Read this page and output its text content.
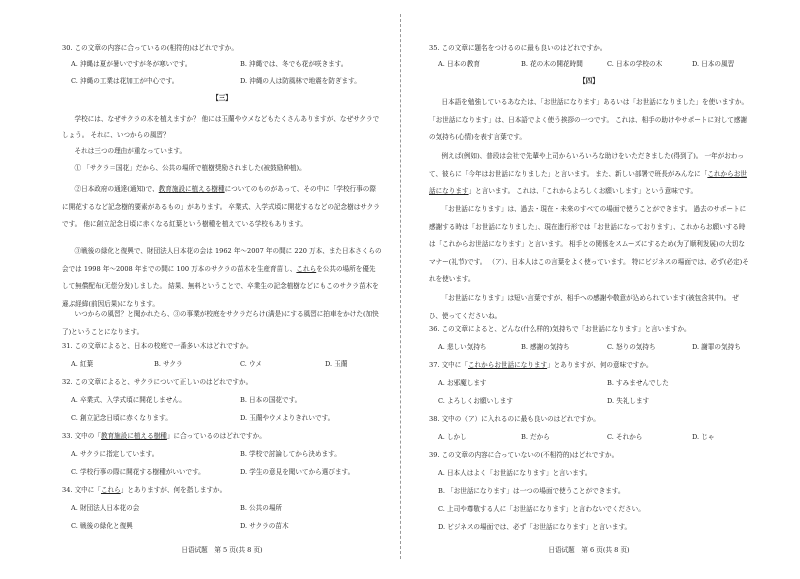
30. この文章の内容に合っているの(相符的)はどれですか。
A. 沖縄は夏が暑いですが冬が寒いです。	B. 沖縄では、冬でも花が咲きます。
C. 沖縄の工業は花加工が中心です。	D. 沖縄の人は防風林で地震を防ぎます。
【三】
学校には、なぜサクラの木を植えますか？ 他には玉蘭やウメなどもたくさんありますが、なぜサクラでしょう。 それに、いつからの風習？
それは三つの理由が重なっています。
① 「サクラ＝国花」だから、公共の場所で植樹奨励されました(被鼓励种植)。
②日本政府の通達(通知)で、教育施設に植える樹種についてのものがあって、その中に「学校行事の際に開花するなど記念樹的要素があるもの」があります。 卒業式、入学式頃に開花するなどの記念樹はサクラです。 他に創立記念日頃に赤くなる紅葉という樹種を植えている学校もあります。
③戦後の緑化と復興で、財団法人日本花の会は 1962 年～2007 年の間に 220 万本、また日本さくらの会では 1998 年～2008 年までの間に 100 万本のサクラの苗木を生産育苗し、これらを公共の場所を優先して無償配布(无偿分发)しました。 結果、無料ということで、卒業生の記念植樹などにもこのサクラ苗木を遜ぶ経緯(前因后果)になります。
いつからの風習？と聞かれたら、③の事業が校庭をサクラだらけ(满是)にする風習に拍車をかけた(加快了)ということになります。
31. この文章によると、日本の校庭で一番多い木はどれですか。
A. 紅葉	B. サクラ	C. ウメ	D. 玉蘭
32. この文章によると、サクラについて正しいのはどれですか。
A. 卒業式、入学式頃に開花しません。	B. 日本の国花です。
C. 創立記念日頃に赤くなります。	D. 玉蘭やウメよりきれいです。
33. 文中の「教育施設に植える樹種」に合っているのはどれですか。
A. サクラに指定しています。	B. 学校で討論してから決めます。
C. 学校行事の際に開花する樹種がいいです。	D. 学生の意見を聞いてから選びます。
34. 文中に「これら」とありますが、何を指しますか。
A. 財団法人日本花の会	B. 公共の場所
C. 戦後の緑化と復興	D. サクラの苗木
日语试题　第 5 页(共 8 页)
35. この文章に題名をつけるのに最も良いのはどれですか。
A. 日本の教育	B. 花の木の開花時間	C. 日本の学校の木	D. 日本の風習
【四】
日本語を勉強しているあなたは、「お世話になります」あるいは「お世話になりました」を使いますか。 「お世話になります」は、日本語でよく使う挨拶の一つです。 これは、相手の助けやサポートに対して感謝の気持ち(心情)を表す言葉です。
例えば(例如)、普段は会社で先輩や上司からいろいろな助けをいただきました(得到了)。 一年がおわって、彼らに「今年はお世話になりました」と言います。 また、新しい部署で班長がみんなに「これからお世話になります」と言います。 これは、「これからよろしくお願いします」という意味です。
「お世話になります」は、過去・現在・未来のすべての場面で使うことができます。 過去のサポートに感謝する時は「お世話になりました」、現在進行形では「お世話になっております」、これからお願いする時は「これからお世話になります」と言います。 相手との関係をスムーズにするため(为了顺利发展)の大切なマナー(礼节)です。 （ア）、日本人はこの言葉をよく使っています。 特にビジネスの場面では、必ず(必定)それを使います。
「お世話になります」は短い言葉ですが、相手への感謝や敬意が込められています(被包含其中)。 ぜひ、使ってくださいね。
36. この文章によると、どんな(什么样的)気持ちで「お世話になります」と言いますか。
A. 悲しい気持ち	B. 感謝の気持ち	C. 怒りの気持ち	D. 謝罪の気持ち
37. 文中に「これからお世話になります」とありますが、何の意味ですか。
A. お邪魔します	B. すみませんでした
C. よろしくお願いします	D. 失礼します
38. 文中の（ア）に入れるのに最も良いのはどれですか。
A. しかし	B. だから	C. それから	D. じゃ
39. この文章の内容に合っていないの(不相符的)はどれですか。
A. 日本人はよく「お世話になります」と言います。
B. 「お世話になります」は一つの場面で使うことができます。
C. 上司や尊敬する人に「お世話になります」と言わないでください。
D. ビジネスの場面では、必ず「お世話になります」と言います。
日语试题　第 6 页(共 8 页)
